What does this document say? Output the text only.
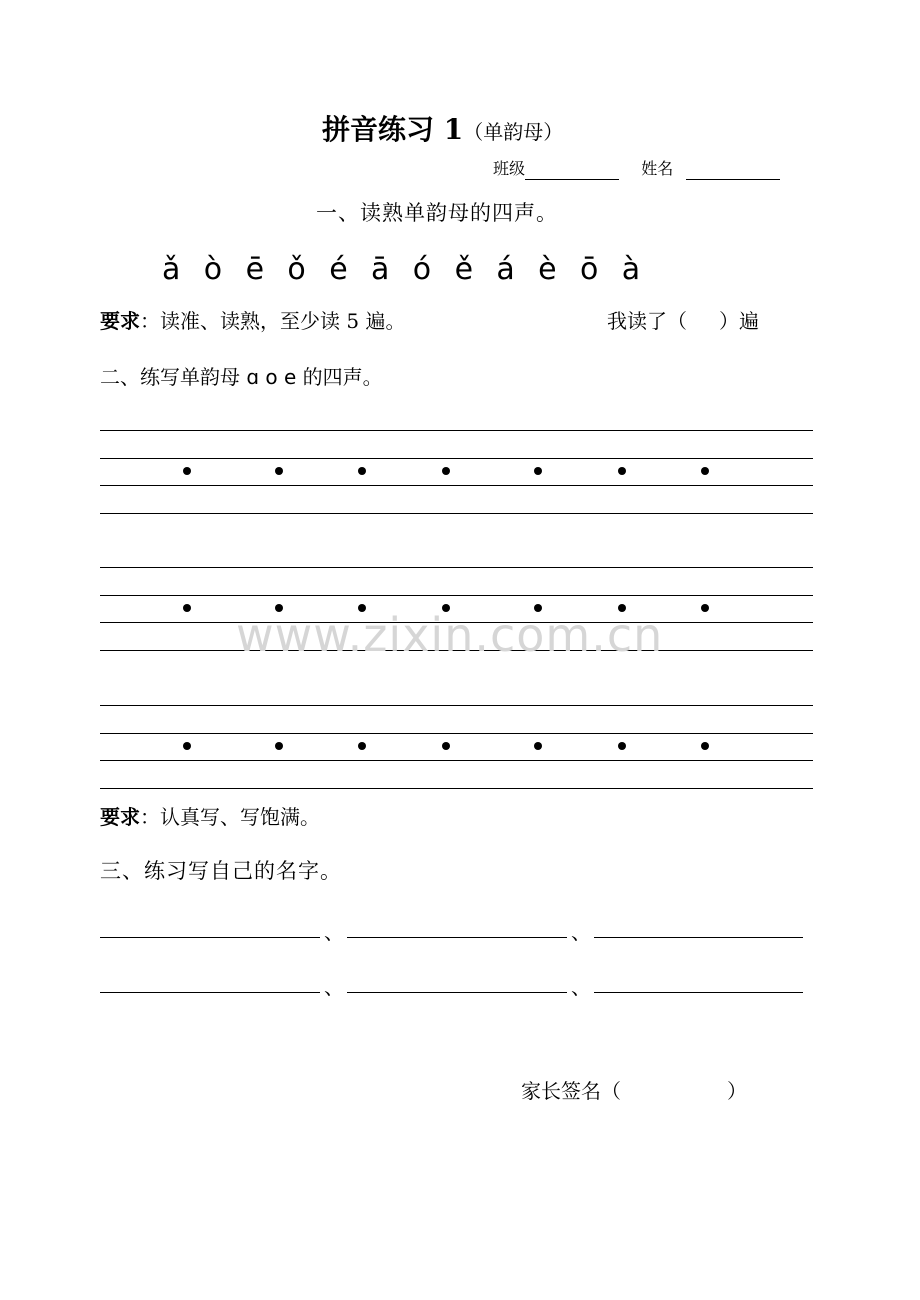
拼音练习 1（单韵母）
班级	姓名
一、读熟单韵母的四声。
ǎ ò ē ǒ é ā ó ě á è ō à
要求：读准、读熟，至少读 5 遍。	我读了（ ）遍
二、练写单韵母 ɑ o e 的四声。
要求：认真写、写饱满。
三、练习写自己的名字。
、	、
、	、
家长签名（	）
www.zixin.com.cn
